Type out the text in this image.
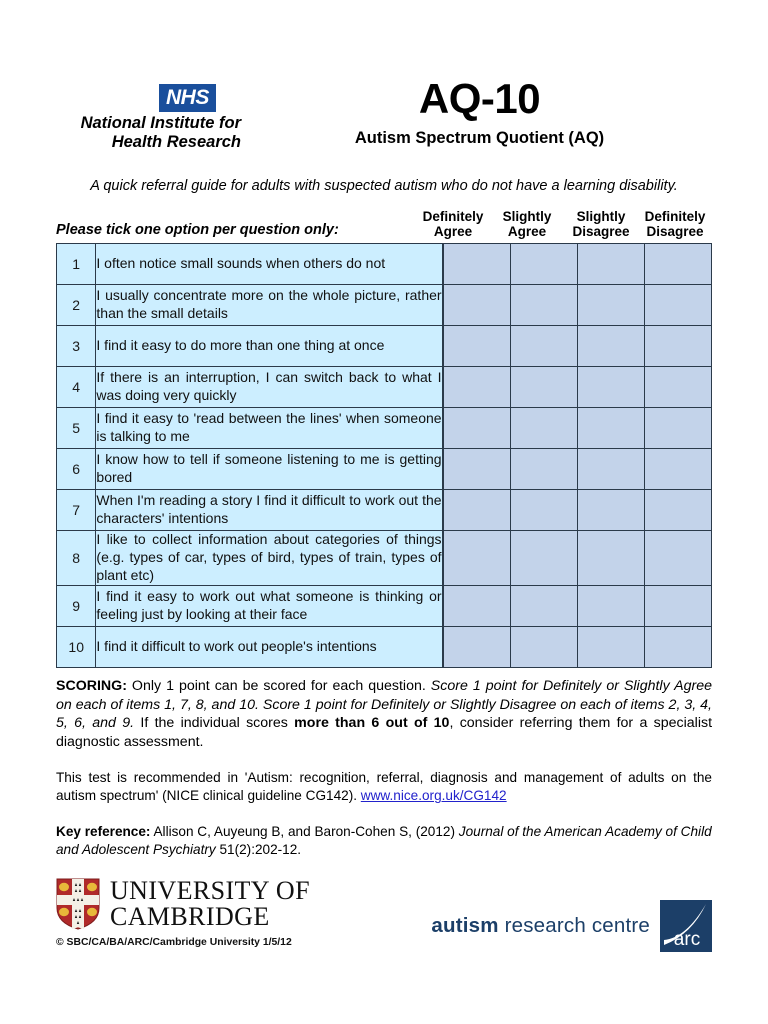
NHS
National Institute for
Health Research
AQ-10
Autism Spectrum Quotient (AQ)
A quick referral guide for adults with suspected autism who do not have a learning disability.
Please tick one option per question only:
Definitely
Agree
Slightly
Agree
Slightly
Disagree
Definitely
Disagree
1	I often notice small sounds when others do not				
2	I usually concentrate more on the whole picture, rather than the small details				
3	I find it easy to do more than one thing at once				
4	If there is an interruption, I can switch back to what I was doing very quickly				
5	I find it easy to 'read between the lines' when someone is talking to me				
6	I know how to tell if someone listening to me is getting bored				
7	When I'm reading a story I find it difficult to work out the characters' intentions				
8	I like to collect information about categories of things (e.g. types of car, types of bird, types of train, types of plant etc)				
9	I find it easy to work out what someone is thinking or feeling just by looking at their face				
10	I find it difficult to work out people's intentions				
SCORING: Only 1 point can be scored for each question. Score 1 point for Definitely or Slightly Agree on each of items 1, 7, 8, and 10. Score 1 point for Definitely or Slightly Disagree on each of items 2, 3, 4, 5, 6, and 9. If the individual scores more than 6 out of 10, consider referring them for a specialist diagnostic assessment.
This test is recommended in 'Autism: recognition, referral, diagnosis and management of adults on the autism spectrum' (NICE clinical guideline CG142). www.nice.org.uk/CG142
Key reference: Allison C, Auyeung B, and Baron-Cohen S, (2012) Journal of the American Academy of Child and Adolescent Psychiatry 51(2):202-12.
UNIVERSITY OF
CAMBRIDGE
© SBC/CA/BA/ARC/Cambridge University 1/5/12
autism research centre
arc
